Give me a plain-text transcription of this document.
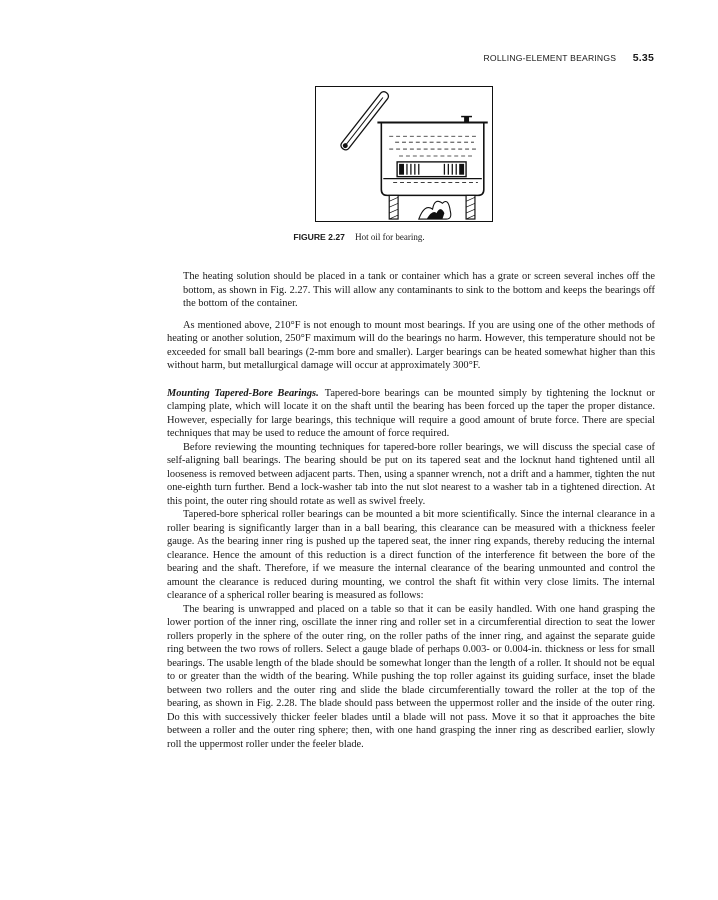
ROLLING-ELEMENT BEARINGS 5.35
FIGURE 2.27 Hot oil for bearing.

The heating solution should be placed in a tank or container which has a grate or screen several inches off the bottom, as shown in Fig. 2.27. This will allow any contaminants to sink to the bottom and keeps the bearings off the bottom of the container.

As mentioned above, 210°F is not enough to mount most bearings. If you are using one of the other methods of heating or another solution, 250°F maximum will do the bearings no harm. However, this temperature should not be exceeded for small ball bearings (2-mm bore and smaller). Larger bearings can be heated somewhat higher than this without harm, but metallurgical damage will occur at approximately 300°F.

Mounting Tapered-Bore Bearings. Tapered-bore bearings can be mounted simply by tightening the locknut or clamping plate, which will locate it on the shaft until the bearing has been forced up the taper the proper distance. However, especially for large bearings, this technique will require a good amount of brute force. There are special techniques that may be used to reduce the amount of force required.

Before reviewing the mounting techniques for tapered-bore roller bearings, we will discuss the special case of self-aligning ball bearings. The bearing should be put on its tapered seat and the locknut hand tightened until all looseness is removed between adjacent parts. Then, using a spanner wrench, not a drift and a hammer, tighten the nut one-eighth turn further. Bend a lock-washer tab into the nut slot nearest to a washer tab in a tightened direction. At this point, the outer ring should rotate as well as swivel freely.

Tapered-bore spherical roller bearings can be mounted a bit more scientifically. Since the internal clearance in a roller bearing is significantly larger than in a ball bearing, this clearance can be measured with a thickness feeler gauge. As the bearing inner ring is pushed up the tapered seat, the inner ring expands, thereby reducing the internal clearance. Hence the amount of this reduction is a direct function of the interference fit between the bore of the bearing and the shaft. Therefore, if we measure the internal clearance of the bearing unmounted and control the amount the clearance is reduced during mounting, we control the shaft fit within very close limits. The internal clearance of a spherical roller bearing is measured as follows:

The bearing is unwrapped and placed on a table so that it can be easily handled. With one hand grasping the lower portion of the inner ring, oscillate the inner ring and roller set in a circumferential direction to seat the lower rollers properly in the sphere of the outer ring, on the roller paths of the inner ring, and against the separate guide ring between the two rows of rollers. Select a gauge blade of perhaps 0.003- or 0.004-in. thickness or less for small bearings. The usable length of the blade should be somewhat longer than the length of a roller. It should not be equal to or greater than the width of the bearing. While pushing the top roller against its guiding surface, inset the blade between two rollers and the outer ring and slide the blade circumferentially toward the roller at the top of the bearing, as shown in Fig. 2.28. The blade should pass between the uppermost roller and the inside of the outer ring. Do this with successively thicker feeler blades until a blade will not pass. Move it so that it approaches the bite between a roller and the outer ring sphere; then, with one hand grasping the inner ring as described earlier, slowly roll the uppermost roller under the feeler blade.
